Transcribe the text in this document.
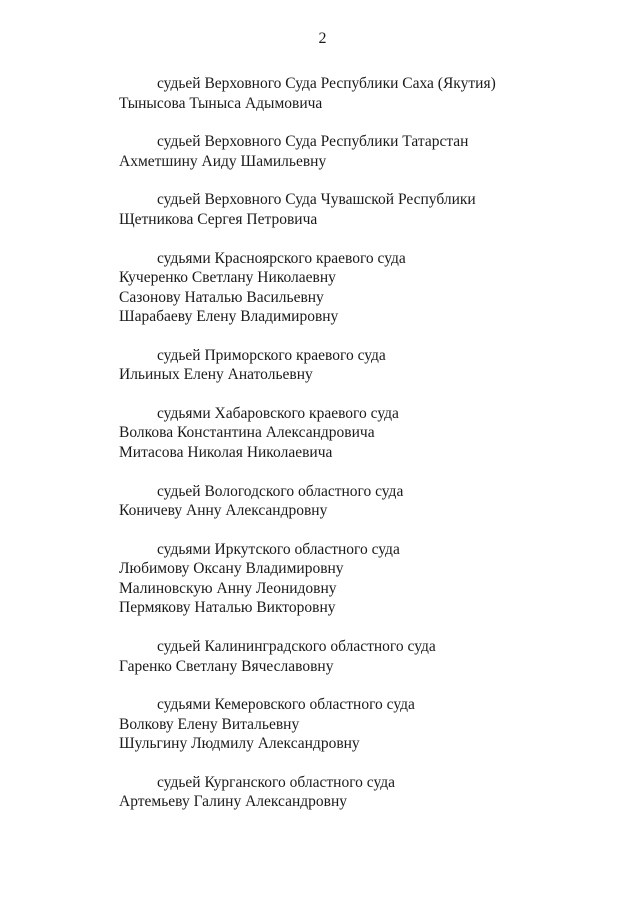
2
судьей Верховного Суда Республики Саха (Якутия)
Тынысова Тыныса Адымовича
судьей Верховного Суда Республики Татарстан
Ахметшину Аиду Шамильевну
судьей Верховного Суда Чувашской Республики
Щетникова Сергея Петровича
судьями Красноярского краевого суда
Кучеренко Светлану Николаевну
Сазонову Наталью Васильевну
Шарабаеву Елену Владимировну
судьей Приморского краевого суда
Ильиных Елену Анатольевну
судьями Хабаровского краевого суда
Волкова Константина Александровича
Митасова Николая Николаевича
судьей Вологодского областного суда
Коничеву Анну Александровну
судьями Иркутского областного суда
Любимову Оксану Владимировну
Малиновскую Анну Леонидовну
Пермякову Наталью Викторовну
судьей Калининградского областного суда
Гаренко Светлану Вячеславовну
судьями Кемеровского областного суда
Волкову Елену Витальевну
Шульгину Людмилу Александровну
судьей Курганского областного суда
Артемьеву Галину Александровну
